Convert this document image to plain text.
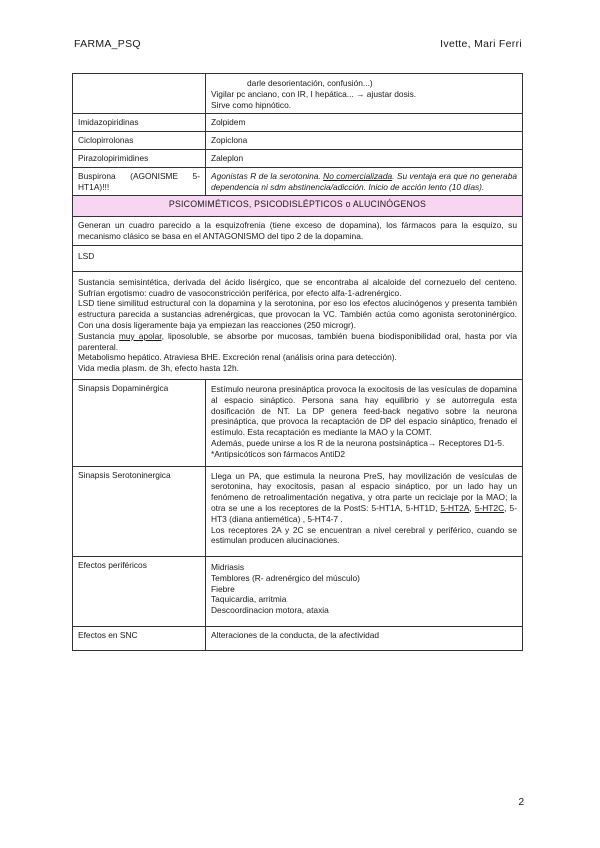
FARMA_PSQ	Ivette, Mari Ferri

	darle desorientación, confusión...)
Vigilar pc anciano, con IR, I hepática... → ajustar dosis.
Sirve como hipnótico.

Imidazopiridinas	Zolpidem
Ciclopirrolonas	Zopiclona
Pirazolopirimidines	Zaleplon
Buspirona (AGONISME 5-HT1A)!!!	Agonistas R de la serotonina. No comercializada. Su ventaja era que no generaba dependencia ni sdm abstinencia/adicción. Inicio de acción lento (10 días).
PSICOMIMÉTICOS, PSICODISLÉPTICOS o ALUCINÓGENOS	
Generan un cuadro parecido a la esquizofrenia (tiene exceso de dopamina), los fármacos para la esquizo, su mecanismo clásico se basa en el ANTAGONISMO del tipo 2 de la dopamina.	
LSD	

Sustancia semisintética, derivada del ácido lisérgico, que se encontraba al alcaloide del cornezuelo del centeno. Sufrían ergotismo: cuadro de vasoconstricción periférica, por efecto alfa-1-adrenérgico.

LSD tiene similitud estructural con la dopamina y la serotonina, por eso los efectos alucinógenos y presenta también estructura parecida a sustancias adrenérgicas, que provocan la VC. También actúa como agonista serotoninérgico. Con una dosis ligeramente baja ya empiezan las reacciones (250 microgr).

Sustancia muy apolar, liposoluble, se absorbe por mucosas, también buena biodisponibilidad oral, hasta por vía parenteral.

Metabolismo hepático. Atraviesa BHE. Excreción renal (análisis orina para detección).

Vida media plasm. de 3h, efecto hasta 12h.	

Sinapsis Dopaminérgica	Estímulo neurona presináptica provoca la exocitosis de las vesículas de dopamina al espacio sináptico. Persona sana hay equilibrio y se autorregula esta dosificación de NT. La DP genera feed-back negativo sobre la neurona presináptica, que provoca la recaptación de DP del espacio sináptico, frenado el estímulo. Esta recaptación es mediante la MAO y la COMT.

Además, puede unirse a los R de la neurona postsináptica→ Receptores D1-5.

*Antipsicóticos son fármacos AntiD2

Sinapsis Serotoninergica	Llega un PA, que estimula la neurona PreS, hay movilización de vesículas de serotonina, hay exocitosis, pasan al espacio sináptico, por un lado hay un fenómeno de retroalimentación negativa, y otra parte un reciclaje por la MAO; la otra se une a los receptores de la PostS: 5-HT1A, 5-HT1D, 5-HT2A, 5-HT2C, 5-HT3 (diana antiemética) , 5-HT4-7 .

Los receptores 2A y 2C se encuentran a nivel cerebral y periférico, cuando se estimulan producen alucinaciones.

Efectos periféricos	Midriasis

Temblores (R- adrenérgico del músculo)

Fiebre

Taquicardia, arritmia

Descoordinacion motora, ataxia

Efectos en SNC	Alteraciones de la conducta, de la afectividad
2
